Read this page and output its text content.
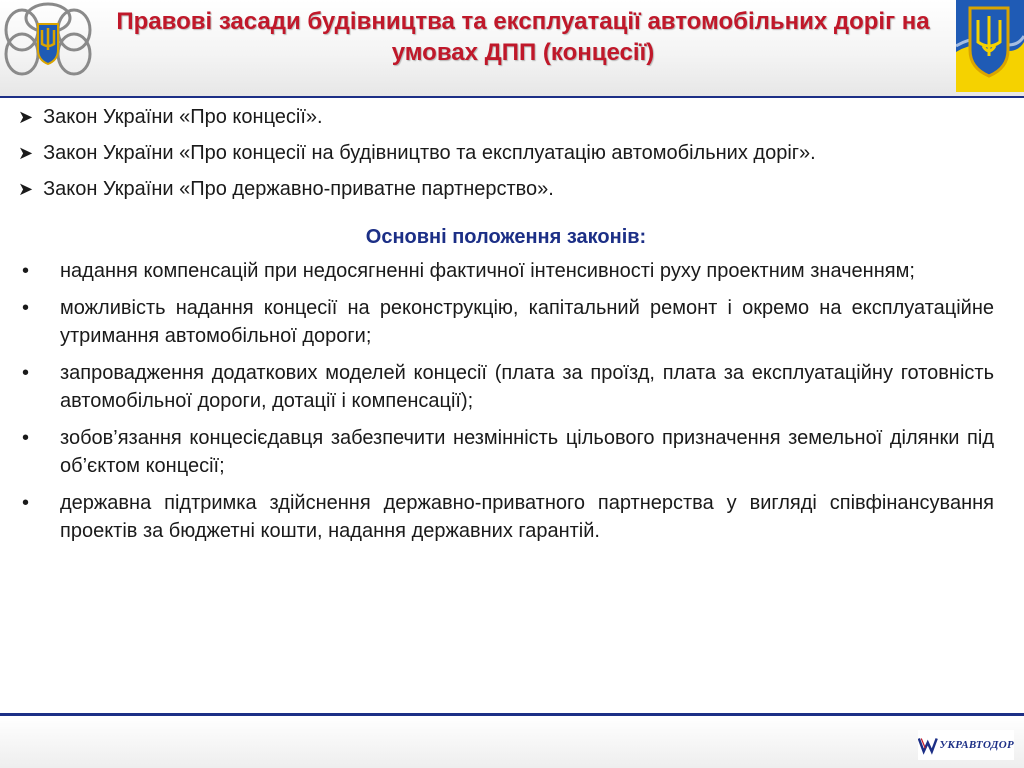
Правові засади будівництва та експлуатації автомобільних доріг на умовах ДПП (концесії)
➤ Закон України «Про концесії».
➤ Закон України «Про концесії на будівництво та експлуатацію автомобільних доріг».
➤ Закон України «Про державно-приватне партнерство».
Основні положення законів:
• надання компенсацій при недосягненні фактичної інтенсивності руху проектним значенням;
• можливість надання концесії на реконструкцію, капітальний ремонт і окремо на експлуатаційне утримання автомобільної дороги;
• запровадження додаткових моделей концесії (плата за проїзд, плата за експлуатаційну готовність автомобільної дороги, дотації і компенсації);
• зобов’язання концесієдавця забезпечити незмінність цільового призначення земельної ділянки під об’єктом концесії;
• державна підтримка здійснення державно-приватного партнерства у вигляді співфінансування проектів за бюджетні кошти, надання державних гарантій.
УКРАВТОДОР
